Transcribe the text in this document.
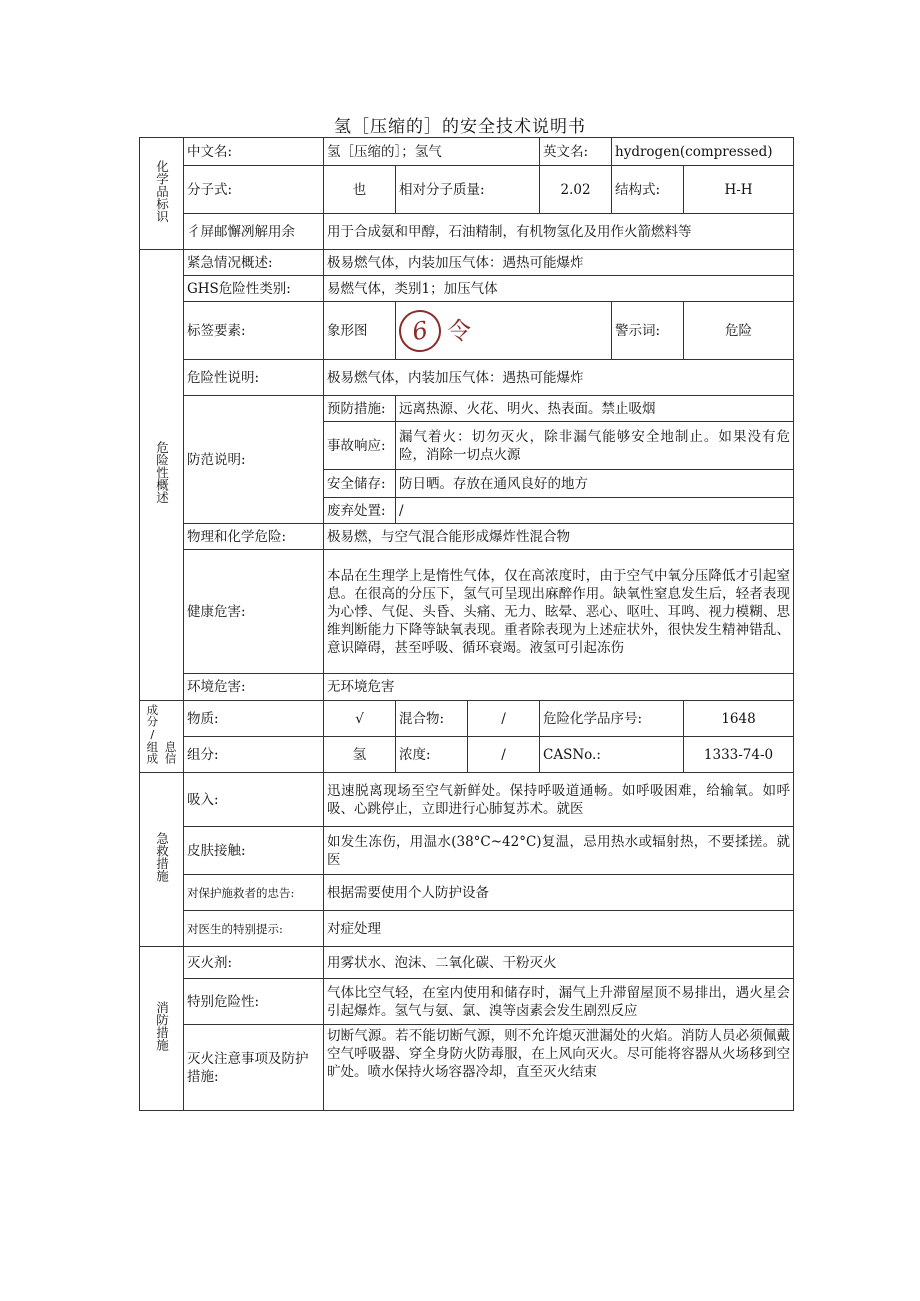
氢［压缩的］的安全技术说明书
化学品标识	中文名:	氢［压缩的］；氢气			英文名:	hydrogen(compressed)	
	分子式:	也	相对分子质量:		2.02	结构式:	H-H
	彳屏邮懈冽解用余	用于合成氨和甲醇，石油精制，有机物氢化及用作火箭燃料等					
危险性概述	紧急情况概述:	极易燃气体，内装加压气体：遇热可能爆炸					
	GHS危险性类别:	易燃气体，类别1；加压气体					
	标签要素:	象形图	6 令			警示词:	危险
	危险性说明:	极易燃气体，内装加压气体：遇热可能爆炸					
	防范说明:	预防措施:	远离热源、火花、明火、热表面。禁止吸烟				
		事故响应:	漏气着火：切勿灭火，除非漏气能够安全地制止。如果没有危险，消除一切点火源				
		安全储存:	防日晒。存放在通风良好的地方				
		废弃处置:	/				
	物理和化学危险:	极易燃，与空气混合能形成爆炸性混合物					
	健康危害:	本品在生理学上是惰性气体，仅在高浓度时，由于空气中氧分压降低才引起窒息。在很高的分压下，氢气可呈现出麻醉作用。缺氧性窒息发生后，轻者表现为心悸、气促、头昏、头痛、无力、眩晕、恶心、呕吐、耳鸣、视力模糊、思维判断能力下降等缺氧表现。重者除表现为上述症状外，很快发生精神错乱、意识障碍，甚至呼吸、循环衰竭。液氢可引起冻伤					
	环境危害:	无环境危害					

成分/组成 息信	物质:	√	混合物:	/	危险化学品序号:		1648
	组分:	氢	浓度:	/	CASNo.:		1333-74-0
急救措施	吸入:	迅速脱离现场至空气新鲜处。保持呼吸道通畅。如呼吸困难，给输氧。如呼吸、心跳停止，立即进行心肺复苏术。就医					
	皮肤接触:	如发生冻伤，用温水(38°C~42°C)复温，忌用热水或辐射热，不要揉搓。就医					
	对保护施救者的忠告:	根据需要使用个人防护设备					
	对医生的特别提示:	对症处理					
消防措施	灭火剂:	用雾状水、泡沫、二氧化碳、干粉灭火					
	特别危险性:	气体比空气轻，在室内使用和储存时，漏气上升滞留屋顶不易排出，遇火星会引起爆炸。氢气与氨、氯、溴等卤素会发生剧烈反应					
	灭火注意事项及防护措施:	切断气源。若不能切断气源，则不允许熄灭泄漏处的火焰。消防人员必须佩戴空气呼吸器、穿全身防火防毒服，在上风向灭火。尽可能将容器从火场移到空旷处。喷水保持火场容器冷却，直至灭火结束					
